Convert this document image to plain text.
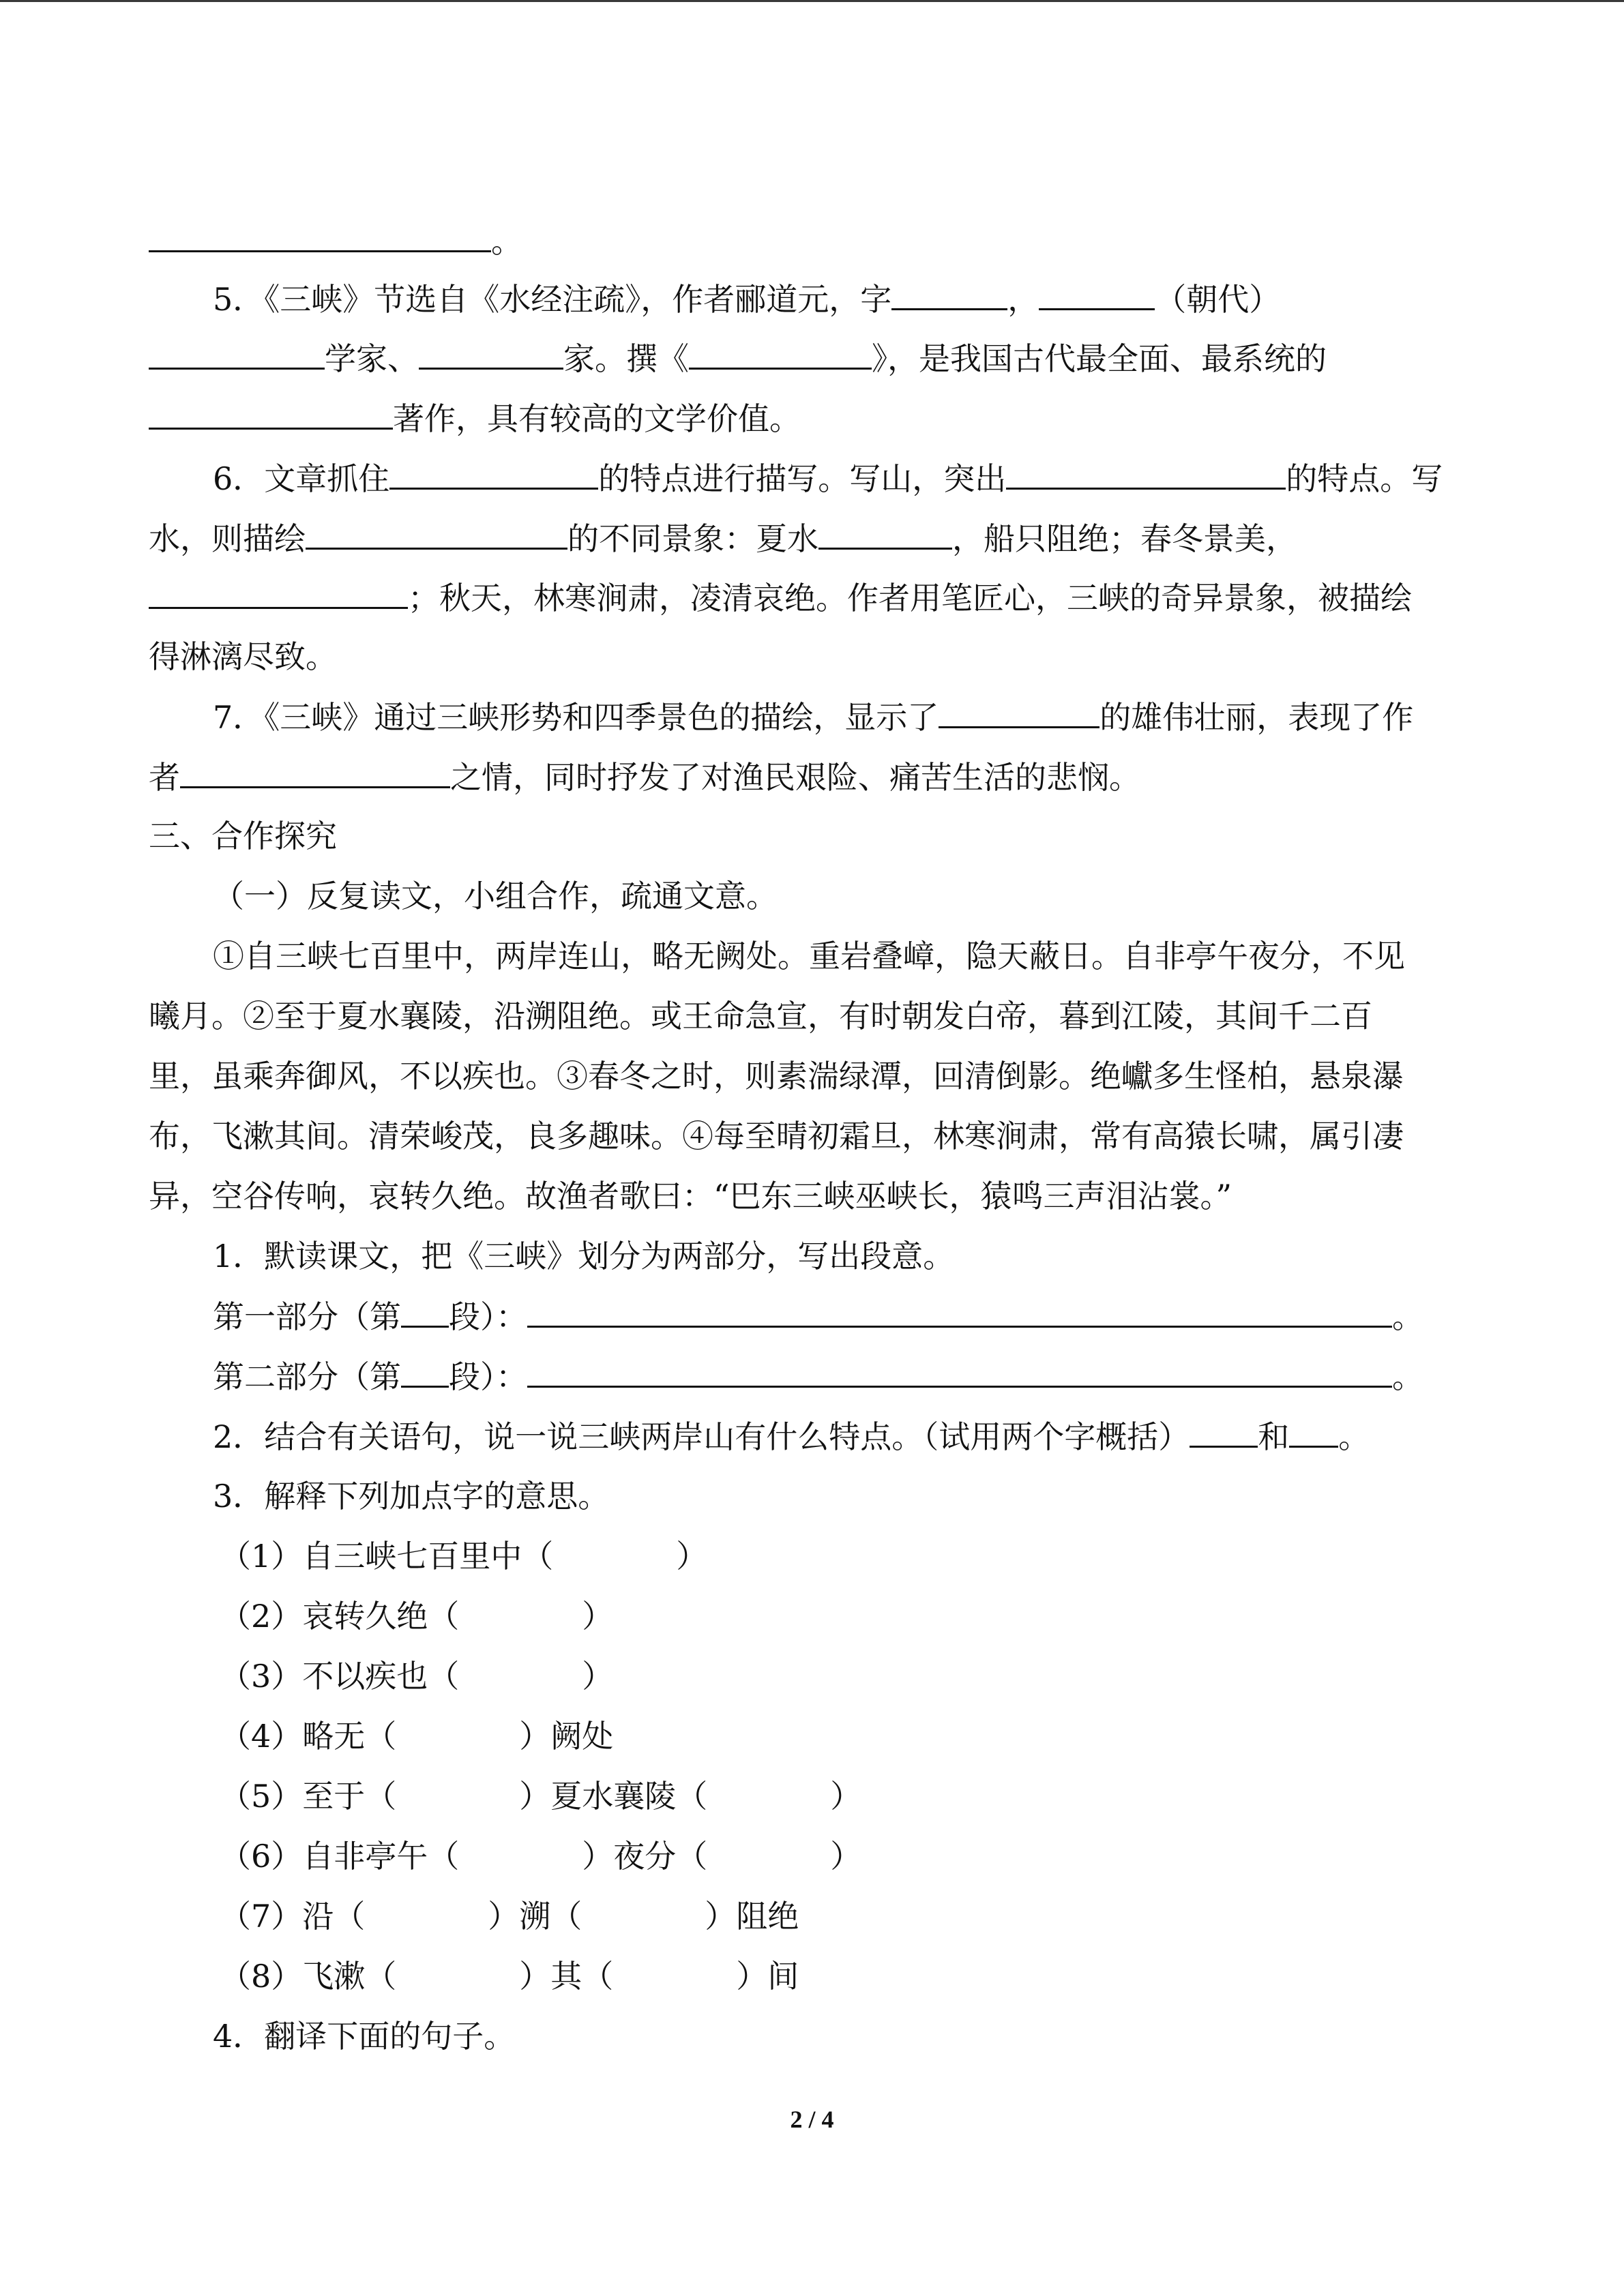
。
5．《三峡》节选自《水经注疏》，作者郦道元，字	，	（朝代）
学家、	家。撰《	》，是我国古代最全面、最系统的
著作，具有较高的文学价值。
6．文章抓住	的特点进行描写。写山，突出	的特点。写
水，则描绘	的不同景象：夏水	，船只阻绝；春冬景美，
；秋天，林寒涧肃，凌清哀绝。作者用笔匠心，三峡的奇异景象，被描绘
得淋漓尽致。
7．《三峡》通过三峡形势和四季景色的描绘，显示了	的雄伟壮丽，表现了作
者	之情，同时抒发了对渔民艰险、痛苦生活的悲悯。
三、合作探究
（一）反复读文，小组合作，疏通文意。
①自三峡七百里中，两岸连山，略无阙处。重岩叠嶂，隐天蔽日。自非亭午夜分，不见
曦月。②至于夏水襄陵，沿溯阻绝。或王命急宣，有时朝发白帝，暮到江陵，其间千二百
里，虽乘奔御风，不以疾也。③春冬之时，则素湍绿潭，回清倒影。绝巘多生怪柏，悬泉瀑
布，飞漱其间。清荣峻茂，良多趣味。④每至晴初霜旦，林寒涧肃，常有高猿长啸，属引凄
异，空谷传响，哀转久绝。故渔者歌曰：“巴东三峡巫峡长，猿鸣三声泪沾裳。”
1．默读课文，把《三峡》划分为两部分，写出段意。
第一部分（第 段）：	。
第二部分（第 段）：	。
2．结合有关语句，说一说三峡两岸山有什么特点。（试用两个字概括） 和 。
3．解释下列加点字的意思。
（1）自三峡七百里中（	）
（2）哀转久绝（	）
（3）不以疾也（	）
（4）略无（	）阙处
（5）至于（	）夏水襄陵（	）
（6）自非亭午（	）夜分（	）
（7）沿（	）溯（	）阻绝
（8）飞漱（	）其（	）间
4．翻译下面的句子。
2 / 4
